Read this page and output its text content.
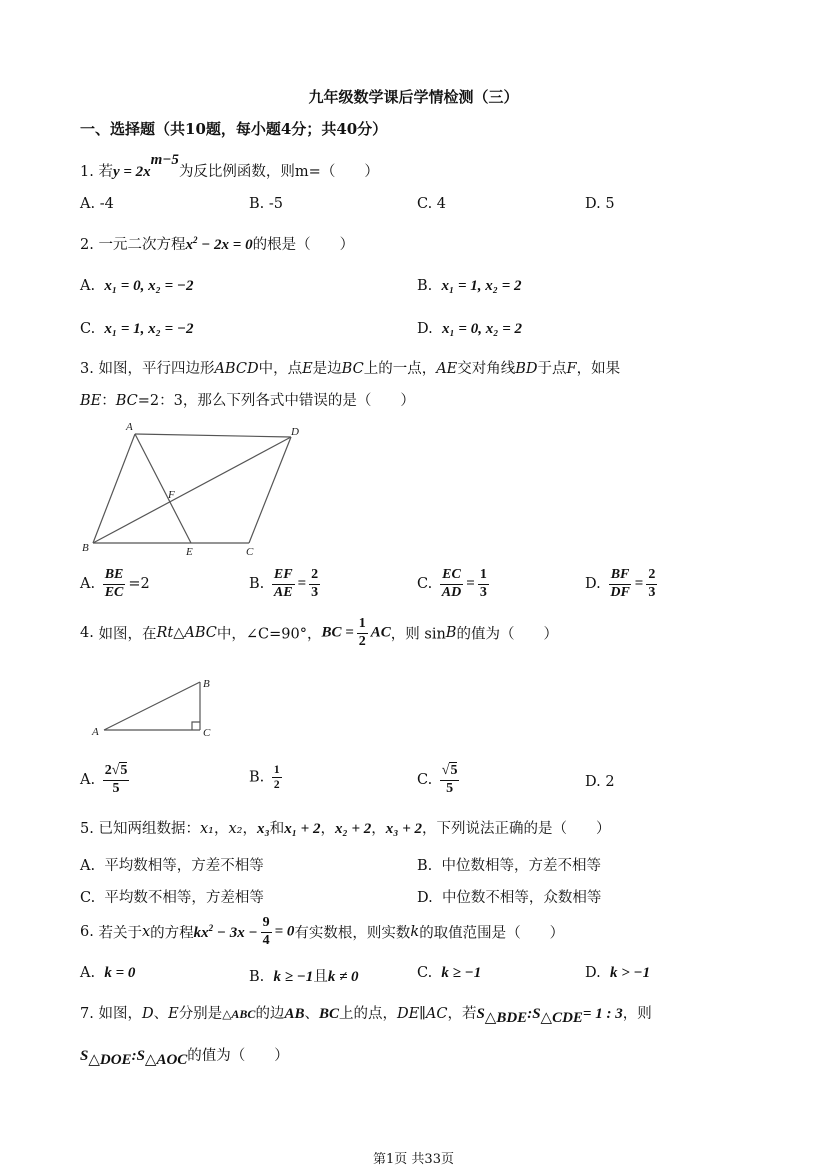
九年级数学课后学情检测（三）
一、选择题（共10题，每小题4分；共40分）
1. 若$y = 2x^{m-5}$为反比例函数，则m=（　　）
A. -4	B. -5	C. 4	D. 5
2. 一元二次方程$x^2 - 2x = 0$的根是（　　）
A. x₁ = 0, x₂ = −2	B. x₁ = 1, x₂ = 2
C. x₁ = 1, x₂ = −2	D. x₁ = 0, x₂ = 2
3. 如图，平行四边形ABCD中，点E是边BC上的一点，AE交对角线BD于点F，如果
BE：BC=2：3，那么下列各式中错误的是（　　）
A	D
B	E	C
F
A. $\frac{BE}{EC} =2$	B. $\frac{EF}{AE} = \frac{2}{3}$	C. $\frac{EC}{AD} = \frac{1}{3}$	D. $\frac{BF}{DF} = \frac{2}{3}$
4. 如图，在Rt△ABC中，∠C=90°，BC = $\frac{1}{2}$ AC，则 sinB的值为（　　）
A
B
C
A. $\frac{2√5}{5}$	B. $\frac{1}{2}$	C. $\frac{√5}{5}$	D. 2
5. 已知两组数据：x₁，x₂，x₃和x₁ + 2，x₂ + 2，x₃ + 2，下列说法正确的是（　　）
A. 平均数相等，方差不相等	B. 中位数相等，方差不相等
C. 平均数不相等，方差相等	D. 中位数不相等，众数相等
6. 若关于x的方程$kx^2 - 3x - \frac{9}{4} = 0$有实数根，则实数k的取值范围是（　　）
A. k = 0	B. k ≥ −1且k ≠ 0	C. k ≥ −1	D. k > −1
7. 如图，D、E分别是△ABC的边AB、BC上的点，DE∥AC，若$S_{\triangle BDE}:S_{\triangle CDE}= 1$ : 3，则
$S_{\triangle DOE}:S_{\triangle AOC}$的值为（　　）
第1页 共33页
